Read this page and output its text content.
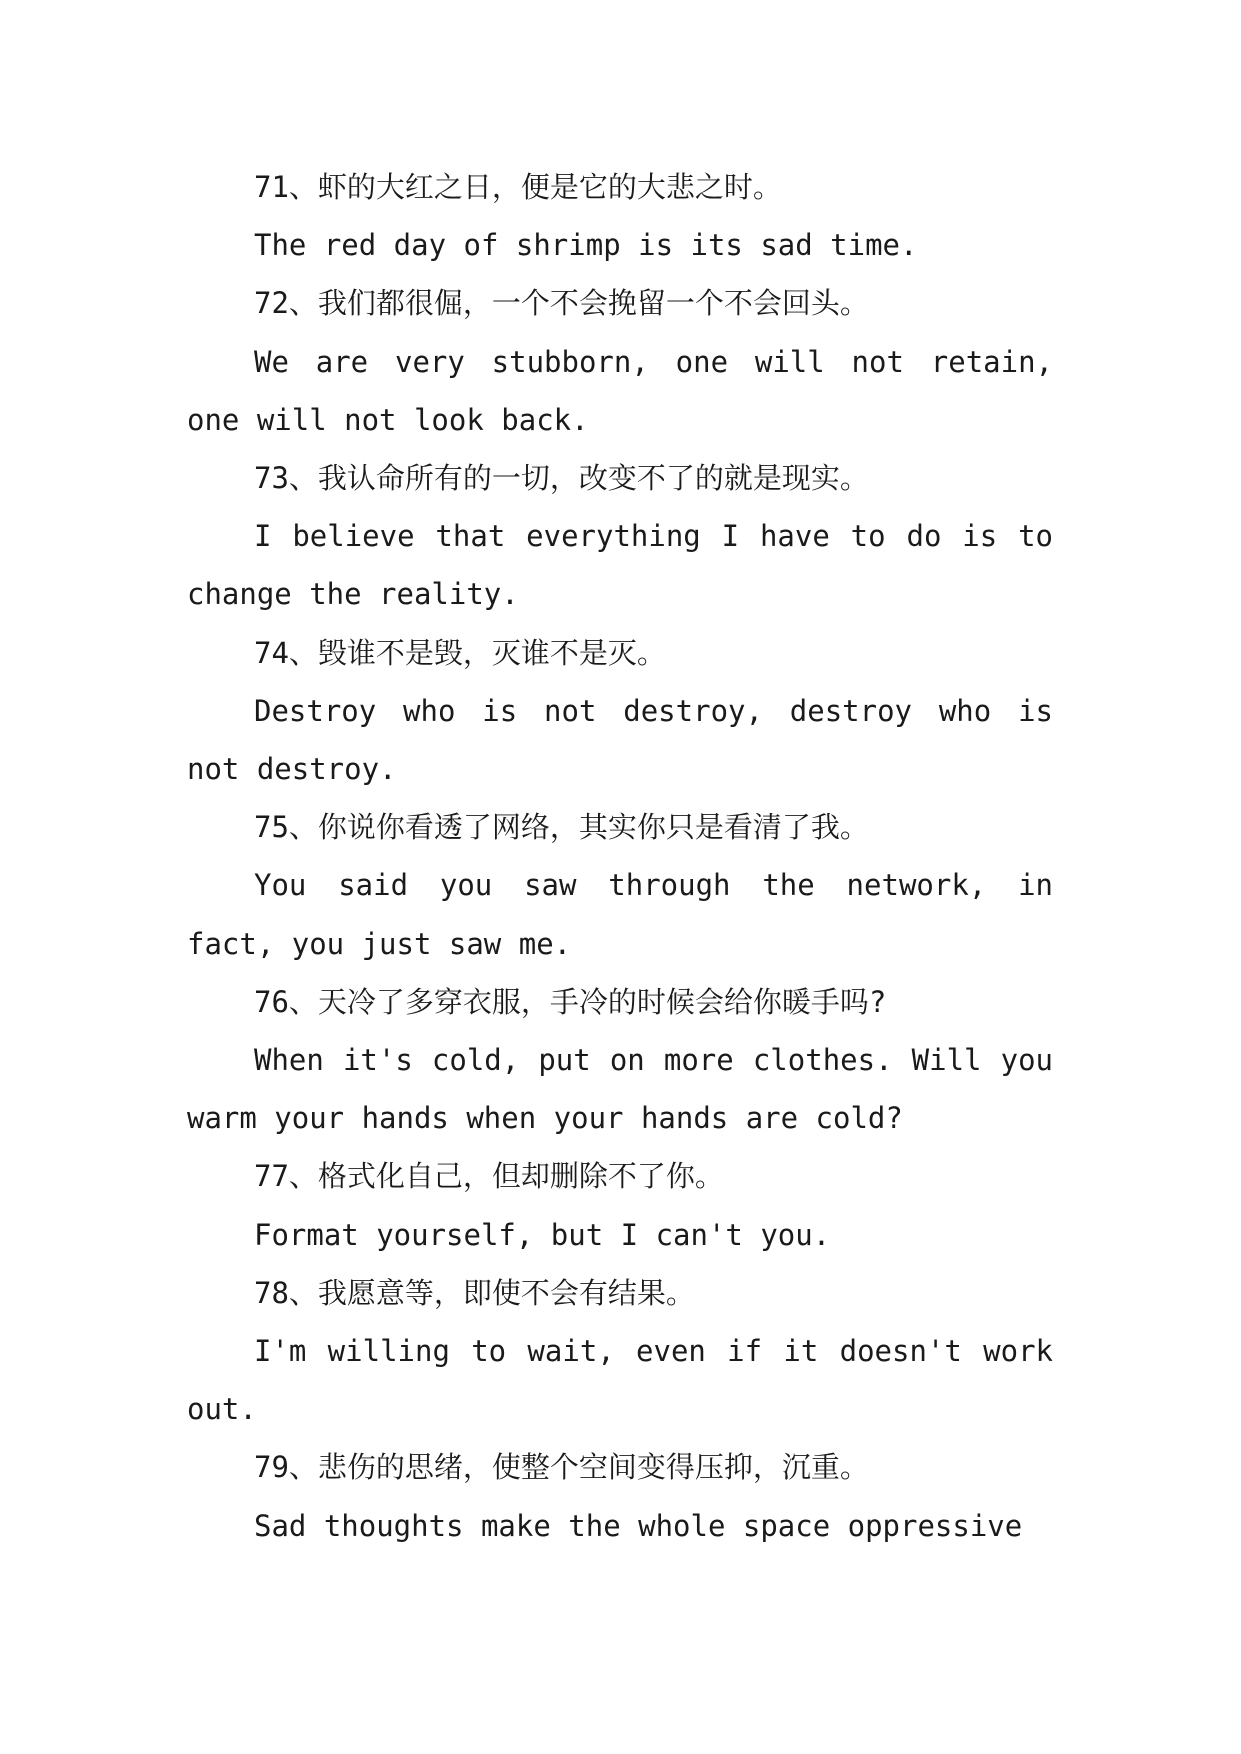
71、虾的大红之日，便是它的大悲之时。

The red day of shrimp is its sad time.

72、我们都很倔，一个不会挽留一个不会回头。

We are very stubborn, one will not retain, one will not look back.

73、我认命所有的一切，改变不了的就是现实。

I believe that everything I have to do is to change the reality.

74、毁谁不是毁，灭谁不是灭。

Destroy who is not destroy, destroy who is not destroy.

75、你说你看透了网络，其实你只是看清了我。

You said you saw through the network, in fact, you just saw me.

76、天冷了多穿衣服，手冷的时候会给你暖手吗?

When it's cold, put on more clothes. Will you warm your hands when your hands are cold?

77、格式化自己，但却删除不了你。

Format yourself, but I can't you.

78、我愿意等，即使不会有结果。

I'm willing to wait, even if it doesn't work out.

79、悲伤的思绪，使整个空间变得压抑，沉重。

Sad thoughts make the whole space oppressive
